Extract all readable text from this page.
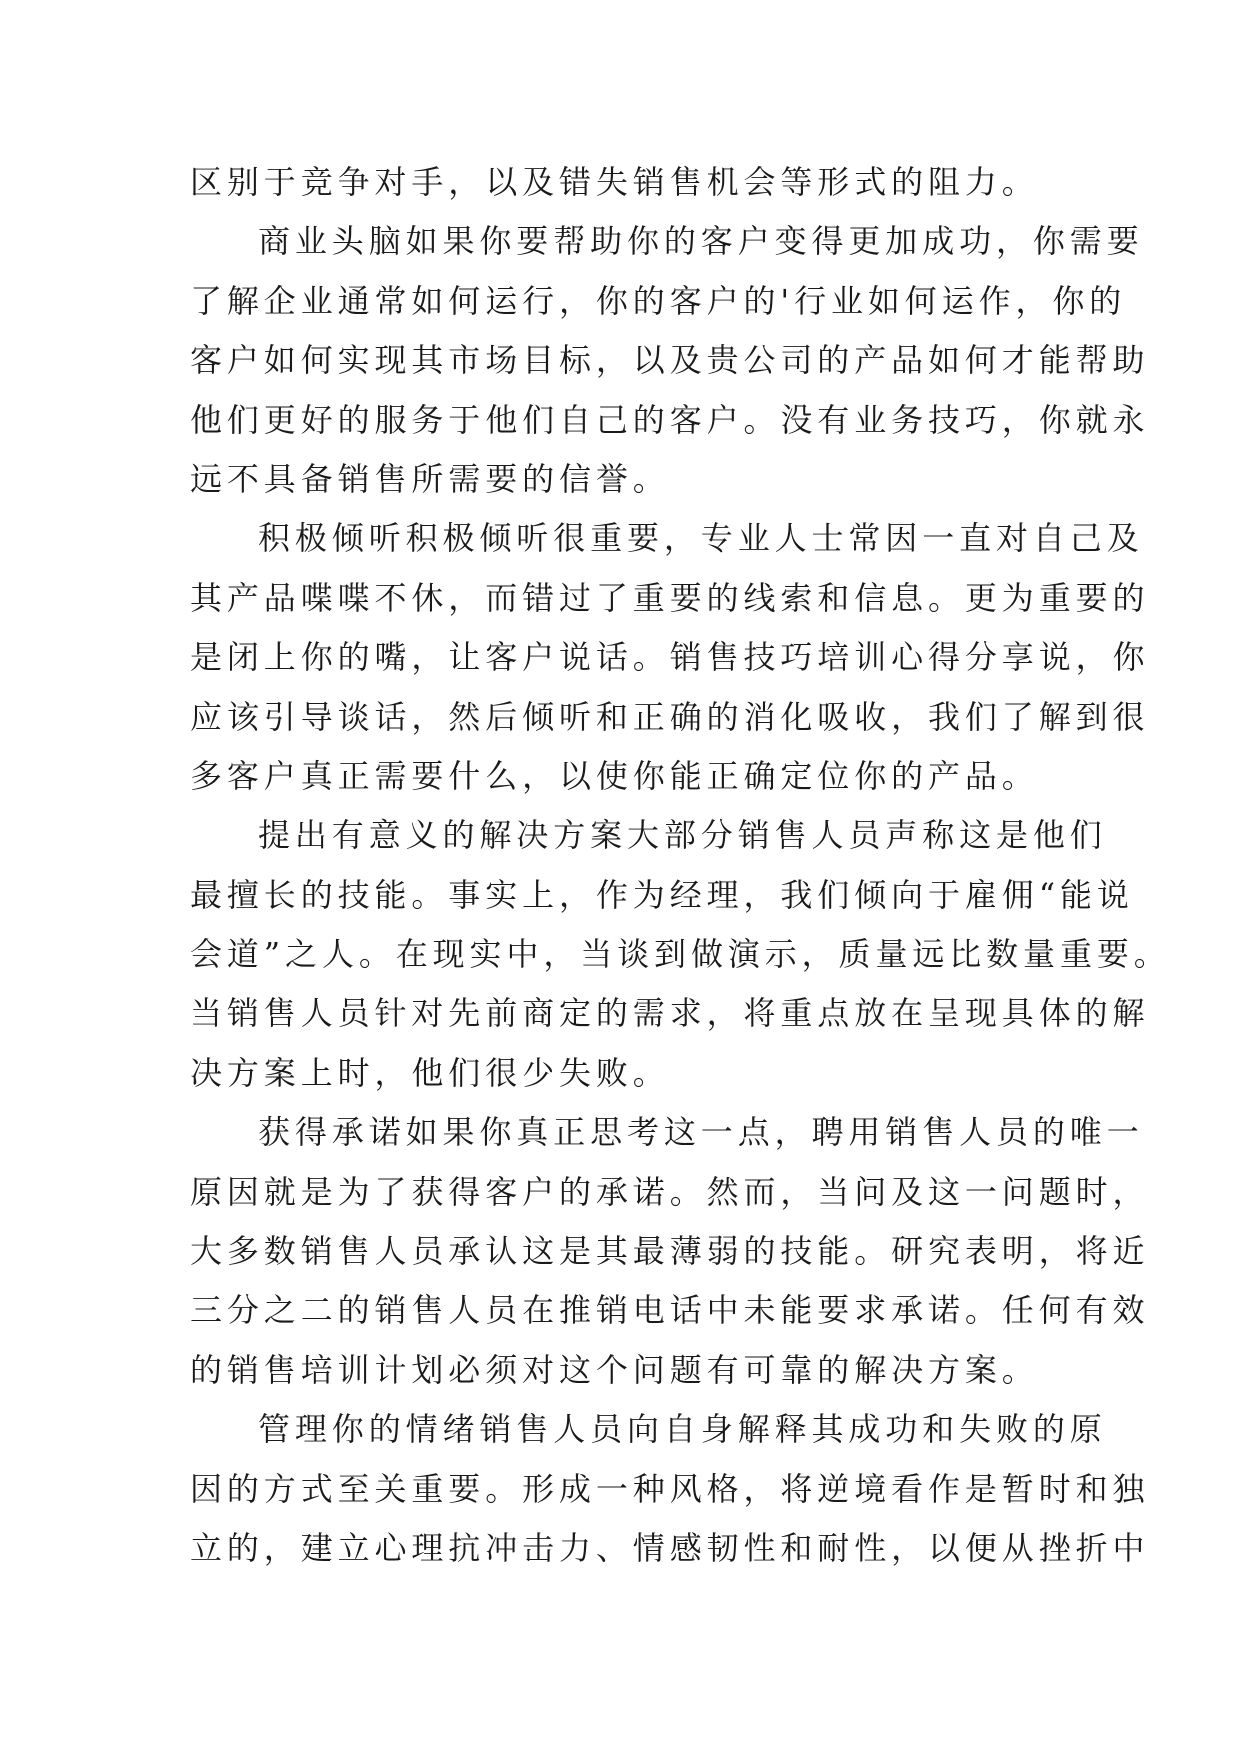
区别于竞争对手，以及错失销售机会等形式的阻力。
商业头脑如果你要帮助你的客户变得更加成功，你需要
了解企业通常如何运行，你的客户的'行业如何运作，你的
客户如何实现其市场目标，以及贵公司的产品如何才能帮助
他们更好的服务于他们自己的客户。没有业务技巧，你就永
远不具备销售所需要的信誉。
积极倾听积极倾听很重要，专业人士常因一直对自己及
其产品喋喋不休，而错过了重要的线索和信息。更为重要的
是闭上你的嘴，让客户说话。销售技巧培训心得分享说，你
应该引导谈话，然后倾听和正确的消化吸收，我们了解到很
多客户真正需要什么，以使你能正确定位你的产品。
提出有意义的解决方案大部分销售人员声称这是他们
最擅长的技能。事实上，作为经理，我们倾向于雇佣“能说
会道”之人。在现实中，当谈到做演示，质量远比数量重要。
当销售人员针对先前商定的需求，将重点放在呈现具体的解
决方案上时，他们很少失败。
获得承诺如果你真正思考这一点，聘用销售人员的唯一
原因就是为了获得客户的承诺。然而，当问及这一问题时，
大多数销售人员承认这是其最薄弱的技能。研究表明，将近
三分之二的销售人员在推销电话中未能要求承诺。任何有效
的销售培训计划必须对这个问题有可靠的解决方案。
管理你的情绪销售人员向自身解释其成功和失败的原
因的方式至关重要。形成一种风格，将逆境看作是暂时和独
立的，建立心理抗冲击力、情感韧性和耐性，以便从挫折中
